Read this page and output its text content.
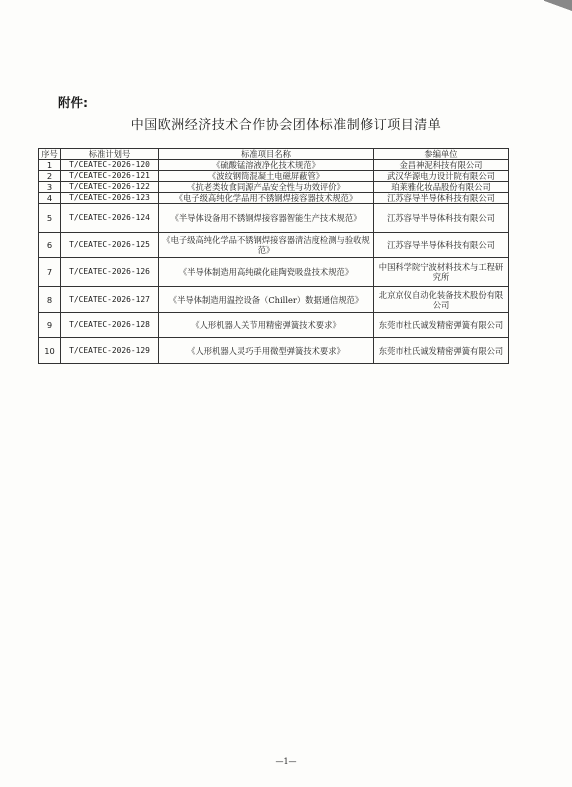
附件:
中国欧洲经济技术合作协会团体标准制修订项目清单
序号	标准计划号	标准项目名称	参编单位
1	T/CEATEC-2026-120	《硫酸锰溶液净化技术规范》	金昌神泥科技有限公司
2	T/CEATEC-2026-121	《波纹钢筒混凝土电磁屏蔽管》	武汉华源电力设计院有限公司
3	T/CEATEC-2026-122	《抗老类妆食同源产品安全性与功效评价》	珀莱雅化妆品股份有限公司
4	T/CEATEC-2026-123	《电子级高纯化学品用不锈钢焊接容器技术规范》	江苏容导半导体科技有限公司
5	T/CEATEC-2026-124	《半导体设备用不锈钢焊接容器智能生产技术规范》	江苏容导半导体科技有限公司
6	T/CEATEC-2026-125	《电子级高纯化学品不锈钢焊接容器清洁度检测与验收规范》	江苏容导半导体科技有限公司
7	T/CEATEC-2026-126	《半导体制造用高纯碳化硅陶瓷吸盘技术规范》	中国科学院宁波材料技术与工程研究所
8	T/CEATEC-2026-127	《半导体制造用温控设备（Chiller）数据通信规范》	北京京仪自动化装备技术股份有限公司
9	T/CEATEC-2026-128	《人形机器人关节用精密弹簧技术要求》	东莞市杜氏诚发精密弹簧有限公司
10	T/CEATEC-2026-129	《人形机器人灵巧手用微型弹簧技术要求》	东莞市杜氏诚发精密弹簧有限公司
—1—
